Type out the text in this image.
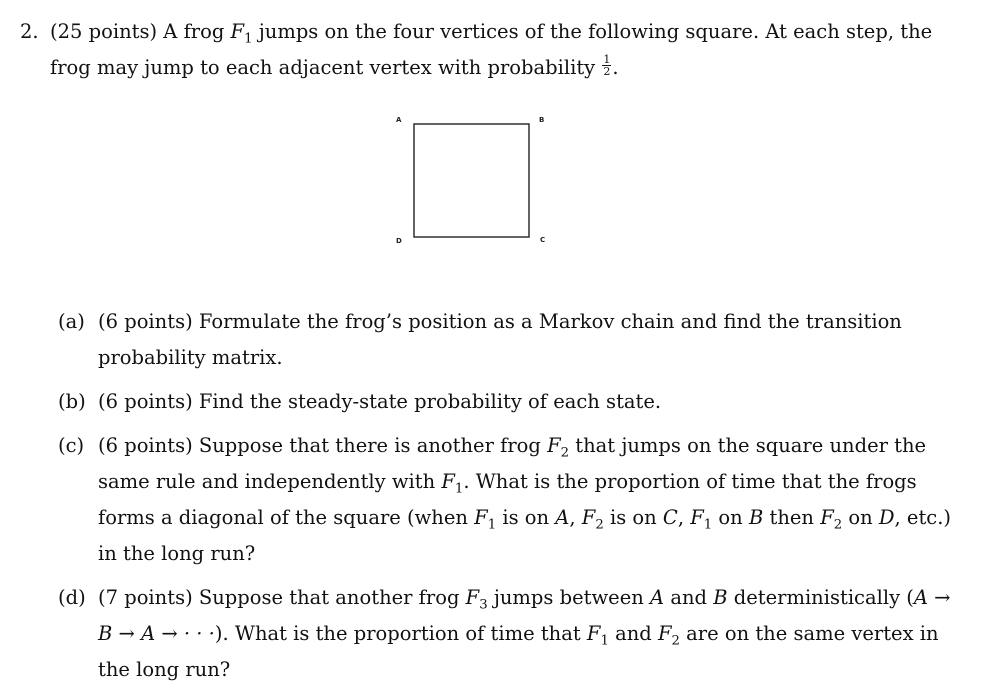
2. (25 points) A frog $F_1$ jumps on the four vertices of the following square. At each step, the frog may jump to each adjacent vertex with probability $\frac{1}{2}$ .
A	B
C
D
(a) (6 points) Formulate the frog’s position as a Markov chain and find the transition probability matrix.
(b) (6 points) Find the steady-state probability of each state.
(c) (6 points) Suppose that there is another frog $F_2$ that jumps on the square under the same rule and independently with $F_1$. What is the proportion of time that the frogs forms a diagonal of the square (when $F_1$ is on A, $F_2$ is on C, $F_1$ on B then $F_2$ on D, etc.) in the long run?
(d) (7 points) Suppose that another frog $F_3$ jumps between A and B deterministically (A → B → A → · · ·). What is the proportion of time that $F_1$ and $F_2$ are on the same vertex in the long run?
